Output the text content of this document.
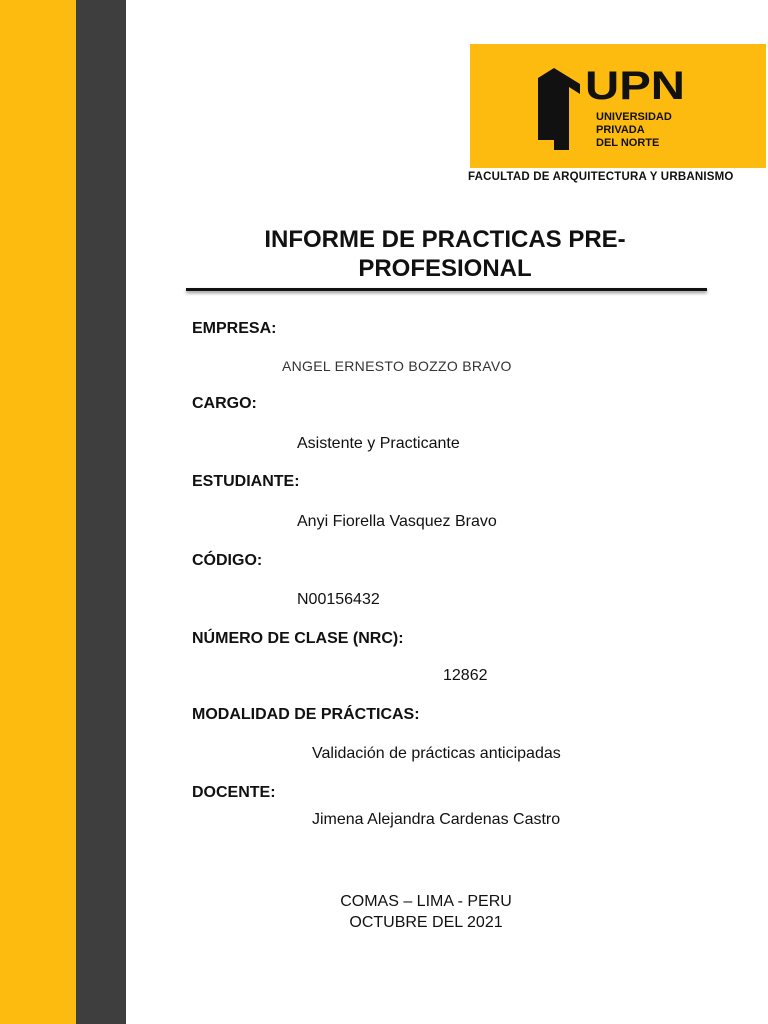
UPN
UNIVERSIDAD
PRIVADA
DEL NORTE
FACULTAD DE ARQUITECTURA Y URBANISMO
INFORME DE PRACTICAS PRE-
PROFESIONAL
EMPRESA:
ANGEL ERNESTO BOZZO BRAVO
CARGO:
Asistente y Practicante
ESTUDIANTE:
Anyi Fiorella Vasquez Bravo
CÓDIGO:
N00156432
NÚMERO DE CLASE (NRC):
12862
MODALIDAD DE PRÁCTICAS:
Validación de prácticas anticipadas
DOCENTE:
Jimena Alejandra Cardenas Castro
COMAS – LIMA - PERU
OCTUBRE DEL 2021
